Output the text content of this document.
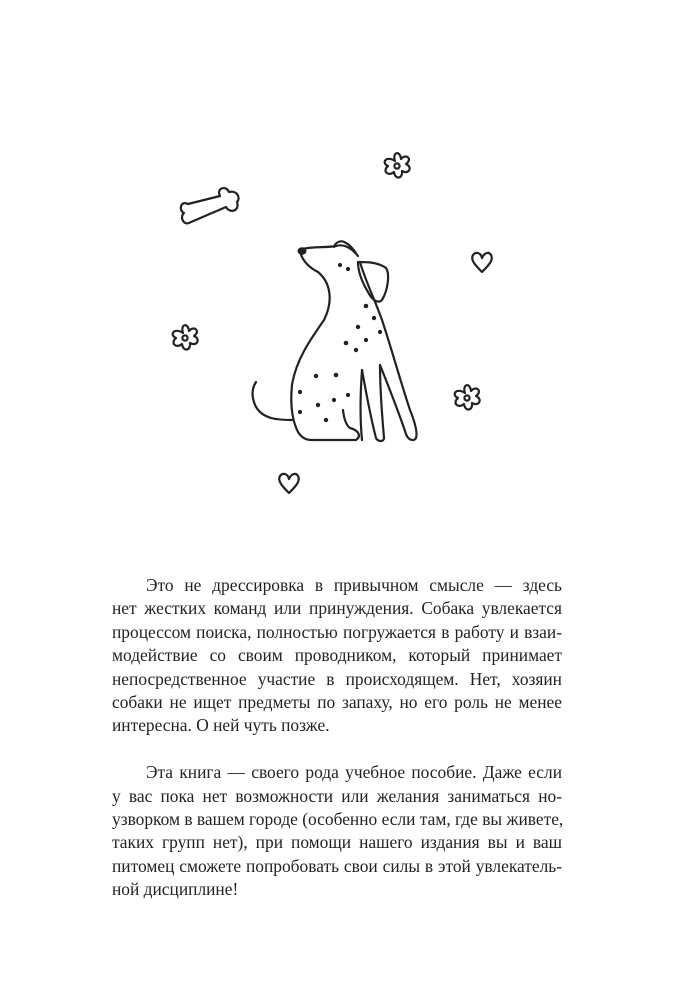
Это не дрессировка в привычном смысле — здесь
нет жестких команд или принуждения. Собака увлекается
процессом поиска, полностью погружается в работу и взаи-
модействие со своим проводником, который принимает
непосредственное участие в происходящем. Нет, хозяин
собаки не ищет предметы по запаху, но его роль не менее
интересна. О ней чуть позже.

Эта книга — своего рода учебное пособие. Даже если
у вас пока нет возможности или желания заниматься но-
узворком в вашем городе (особенно если там, где вы живете,
таких групп нет), при помощи нашего издания вы и ваш
питомец сможете попробовать свои силы в этой увлекатель-
ной дисциплине!
